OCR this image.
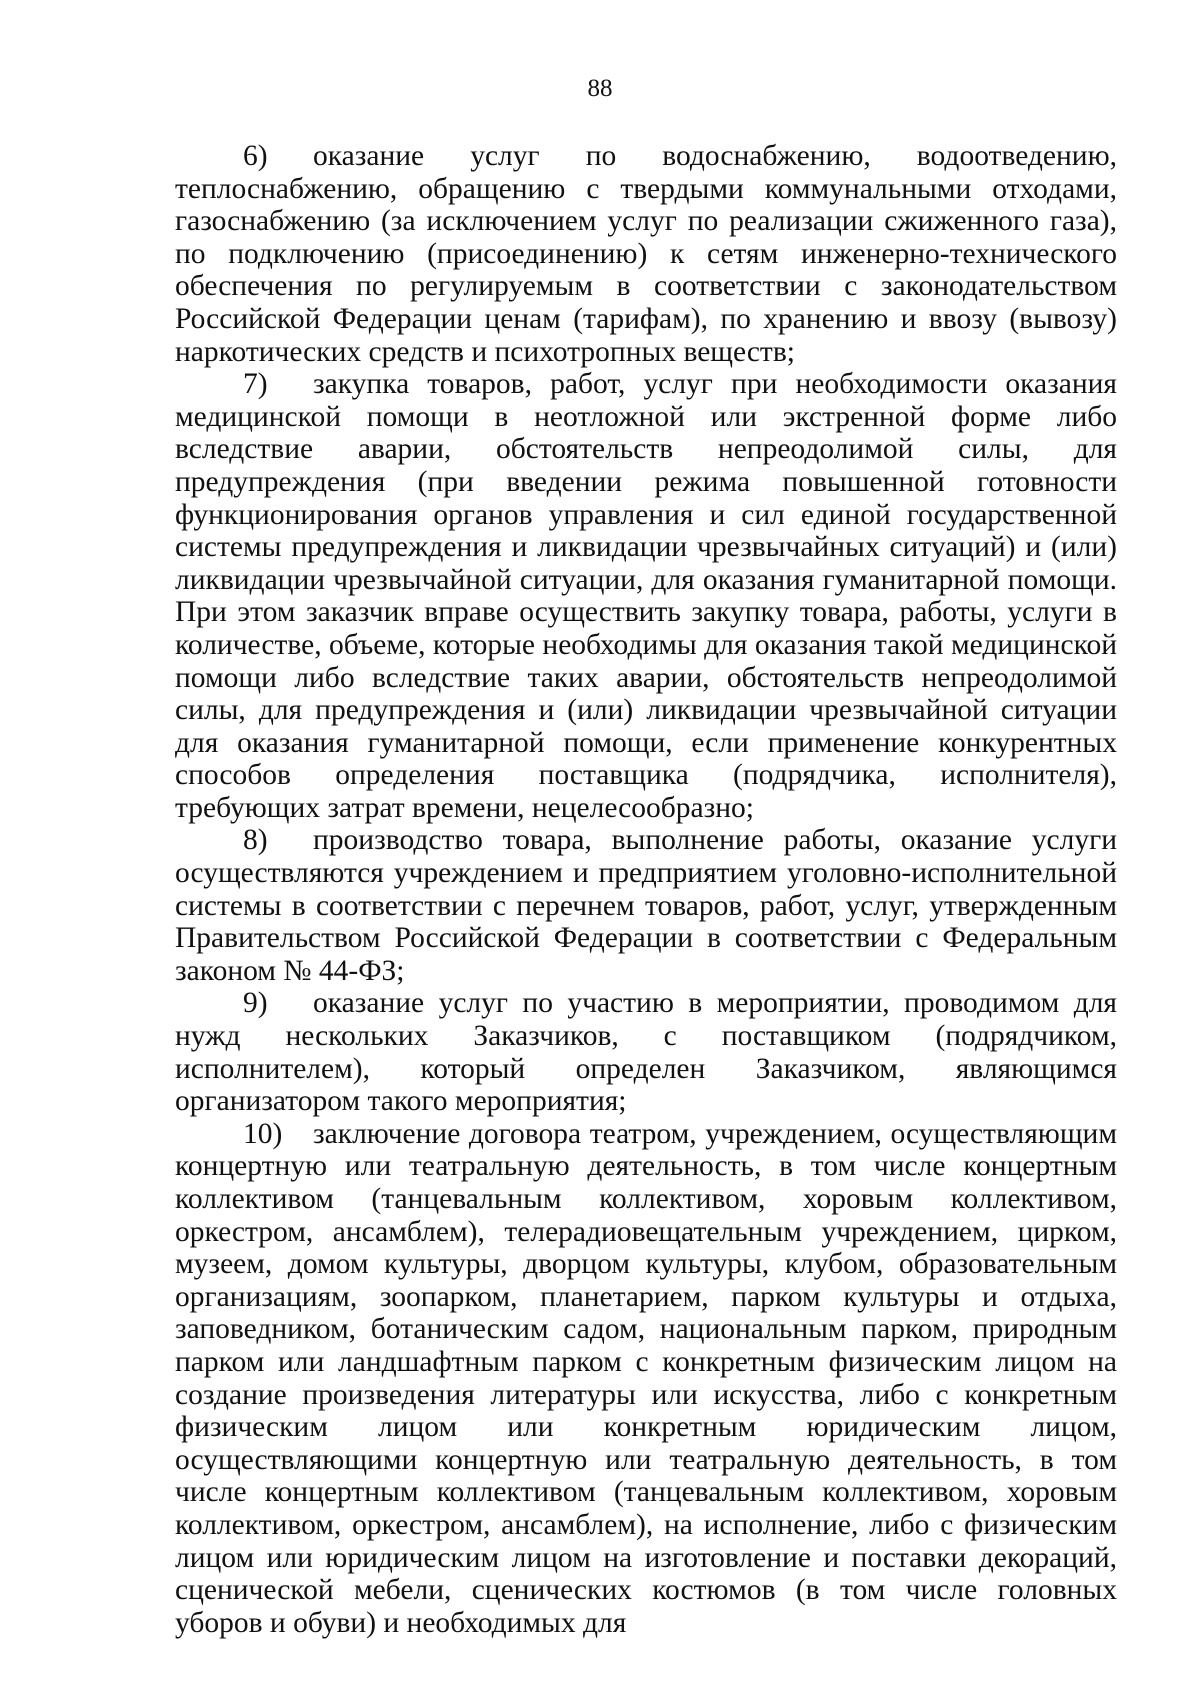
88

6) оказание услуг по водоснабжению, водоотведению, теплоснабжению, обращению с твердыми коммунальными отходами, газоснабжению (за исключением услуг по реализации сжиженного газа), по подключению (присоединению) к сетям инженерно-технического обеспечения по регулируемым в соответствии с законодательством Российской Федерации ценам (тарифам), по хранению и ввозу (вывозу) наркотических средств и психотропных веществ;

7) закупка товаров, работ, услуг при необходимости оказания медицинской помощи в неотложной или экстренной форме либо вследствие аварии, обстоятельств непреодолимой силы, для предупреждения (при введении режима повышенной готовности функционирования органов управления и сил единой государственной системы предупреждения и ликвидации чрезвычайных ситуаций) и (или) ликвидации чрезвычайной ситуации, для оказания гуманитарной помощи. При этом заказчик вправе осуществить закупку товара, работы, услуги в количестве, объеме, которые необходимы для оказания такой медицинской помощи либо вследствие таких аварии, обстоятельств непреодолимой силы, для предупреждения и (или) ликвидации чрезвычайной ситуации для оказания гуманитарной помощи, если применение конкурентных способов определения поставщика (подрядчика, исполнителя), требующих затрат времени, нецелесообразно;

8) производство товара, выполнение работы, оказание услуги осуществляются учреждением и предприятием уголовно-исполнительной системы в соответствии с перечнем товаров, работ, услуг, утвержденным Правительством Российской Федерации в соответствии с Федеральным законом № 44-ФЗ;

9) оказание услуг по участию в мероприятии, проводимом для нужд нескольких Заказчиков, с поставщиком (подрядчиком, исполнителем), который определен Заказчиком, являющимся организатором такого мероприятия;

10) заключение договора театром, учреждением, осуществляющим концертную или театральную деятельность, в том числе концертным коллективом (танцевальным коллективом, хоровым коллективом, оркестром, ансамблем), телерадиовещательным учреждением, цирком, музеем, домом культуры, дворцом культуры, клубом, образовательным организациям, зоопарком, планетарием, парком культуры и отдыха, заповедником, ботаническим садом, национальным парком, природным парком или ландшафтным парком с конкретным физическим лицом на создание произведения литературы или искусства, либо с конкретным физическим лицом или конкретным юридическим лицом, осуществляющими концертную или театральную деятельность, в том числе концертным коллективом (танцевальным коллективом, хоровым коллективом, оркестром, ансамблем), на исполнение, либо с физическим лицом или юридическим лицом на изготовление и поставки декораций, сценической мебели, сценических костюмов (в том числе головных уборов и обуви) и необходимых для
